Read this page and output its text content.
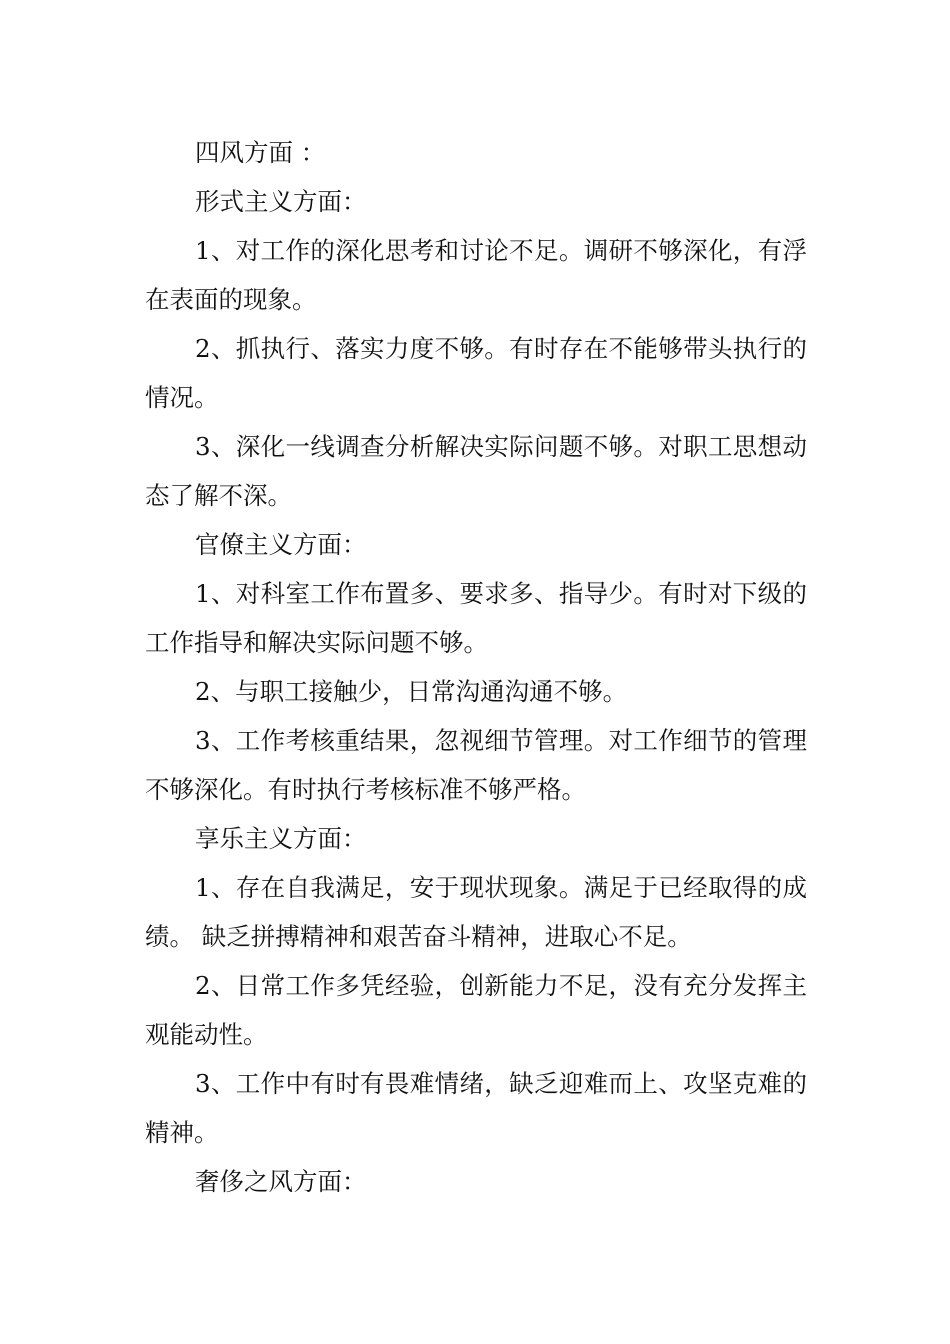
四风方面 ：

形式主义方面：

1、对工作的深化思考和讨论不足。调研不够深化，有浮在表面的现象。

2、抓执行、落实力度不够。有时存在不能够带头执行的情况。

3、深化一线调查分析解决实际问题不够。对职工思想动态了解不深。

官僚主义方面：

1、对科室工作布置多、要求多、指导少。有时对下级的工作指导和解决实际问题不够。

2、与职工接触少，日常沟通沟通不够。

3、工作考核重结果，忽视细节管理。对工作细节的管理不够深化。有时执行考核标准不够严格。

享乐主义方面：

1、存在自我满足，安于现状现象。满足于已经取得的成绩。 缺乏拼搏精神和艰苦奋斗精神，进取心不足。

2、日常工作多凭经验，创新能力不足，没有充分发挥主观能动性。

3、工作中有时有畏难情绪，缺乏迎难而上、攻坚克难的精神。

奢侈之风方面：
